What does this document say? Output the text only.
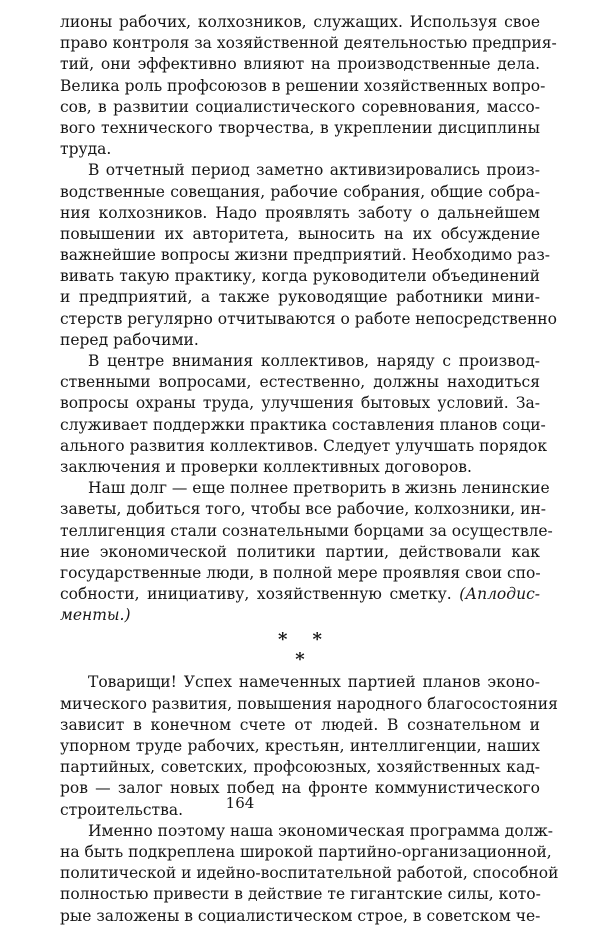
лионы рабочих, колхозников, служащих. Используя свое
право контроля за хозяйственной деятельностью предприя-
тий, они эффективно влияют на производственные дела.
Велика роль профсоюзов в решении хозяйственных вопро-
сов, в развитии социалистического соревнования, массо-
вого технического творчества, в укреплении дисциплины
труда.
В отчетный период заметно активизировались произ-
водственные совещания, рабочие собрания, общие собра-
ния колхозников. Надо проявлять заботу о дальнейшем
повышении их авторитета, выносить на их обсуждение
важнейшие вопросы жизни предприятий. Необходимо раз-
вивать такую практику, когда руководители объединений
и предприятий, а также руководящие работники мини-
стерств регулярно отчитываются о работе непосредственно
перед рабочими.
В центре внимания коллективов, наряду с производ-
ственными вопросами, естественно, должны находиться
вопросы охраны труда, улучшения бытовых условий. За-
служивает поддержки практика составления планов соци-
ального развития коллективов. Следует улучшать порядок
заключения и проверки коллективных договоров.
Наш долг — еще полнее претворить в жизнь ленинские
заветы, добиться того, чтобы все рабочие, колхозники, ин-
теллигенция стали сознательными борцами за осуществле-
ние экономической политики партии, действовали как
государственные люди, в полной мере проявляя свои спо-
собности, инициативу, хозяйственную сметку. (Аплодис-
менты.)
*    *
*
Товарищи! Успех намеченных партией планов эконо-
мического развития, повышения народного благосостояния
зависит в конечном счете от людей. В сознательном и
упорном труде рабочих, крестьян, интеллигенции, наших
партийных, советских, профсоюзных, хозяйственных кад-
ров — залог новых побед на фронте коммунистического
строительства.
Именно поэтому наша экономическая программа долж-
на быть подкреплена широкой партийно-организационной,
политической и идейно-воспитательной работой, способной
полностью привести в действие те гигантские силы, кото-
рые заложены в социалистическом строе, в советском че-
164
